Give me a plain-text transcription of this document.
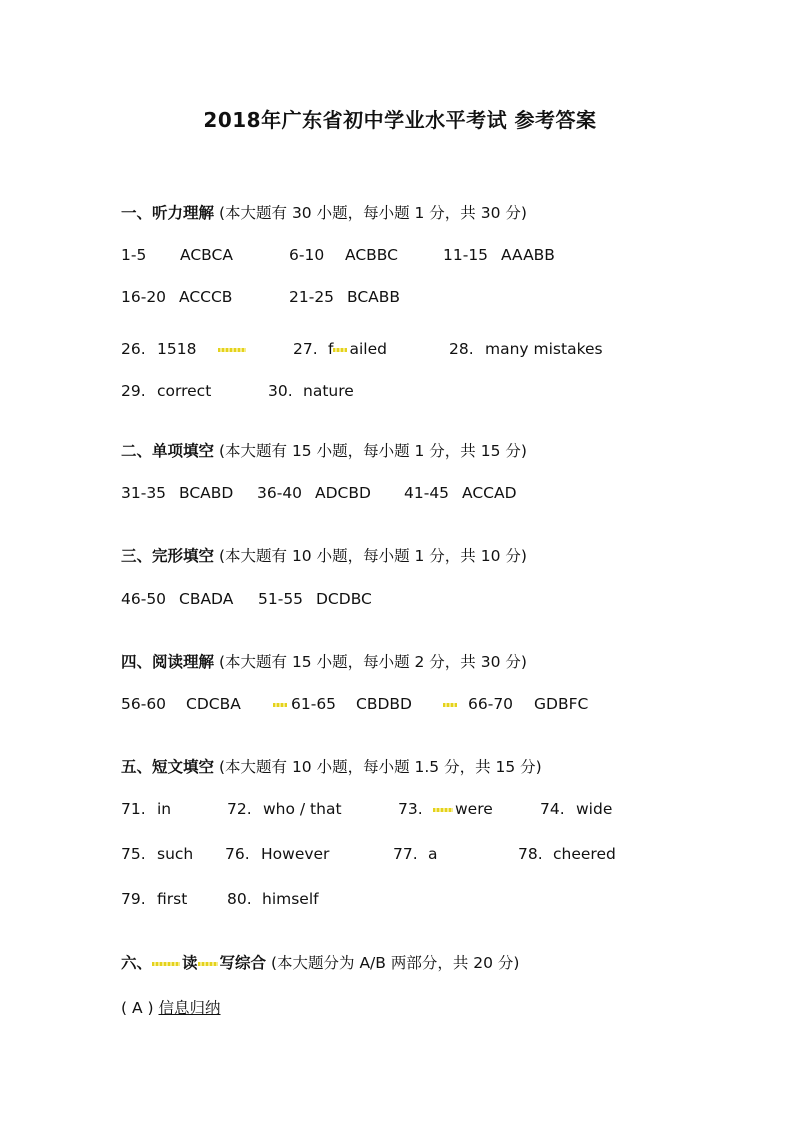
2018年广东省初中学业水平考试 参考答案
一、听力理解 (本大题有 30 小题，每小题 1 分，共 30 分)
1-5 ACBCA	6-10 ACBBC	11-15 AAABB
16-20 ACCCB	21-25 BCABB
26. 1518	27. f ailed	28. many mistakes
29. correct	30. nature
二、单项填空 (本大题有 15 小题，每小题 1 分，共 15 分)
31-35 BCABD 36-40 ADCBD 41-45 ACCAD
三、完形填空 (本大题有 10 小题，每小题 1 分，共 10 分)
46-50 CBADA 51-55 DCDBC
四、阅读理解 (本大题有 15 小题，每小题 2 分，共 30 分)
56-60 CDCBA	61-65 CBDBD	66-70 GDBFC
五、短文填空 (本大题有 10 小题，每小题 1.5 分，共 15 分)
71. in	72. who / that	73.	were	74. wide
75. such 76. However	77. a	78. cheered
79. first	80. himself
六、 读 写综合 (本大题分为 A/B 两部分，共 20 分)
( A ) 信息归纳
